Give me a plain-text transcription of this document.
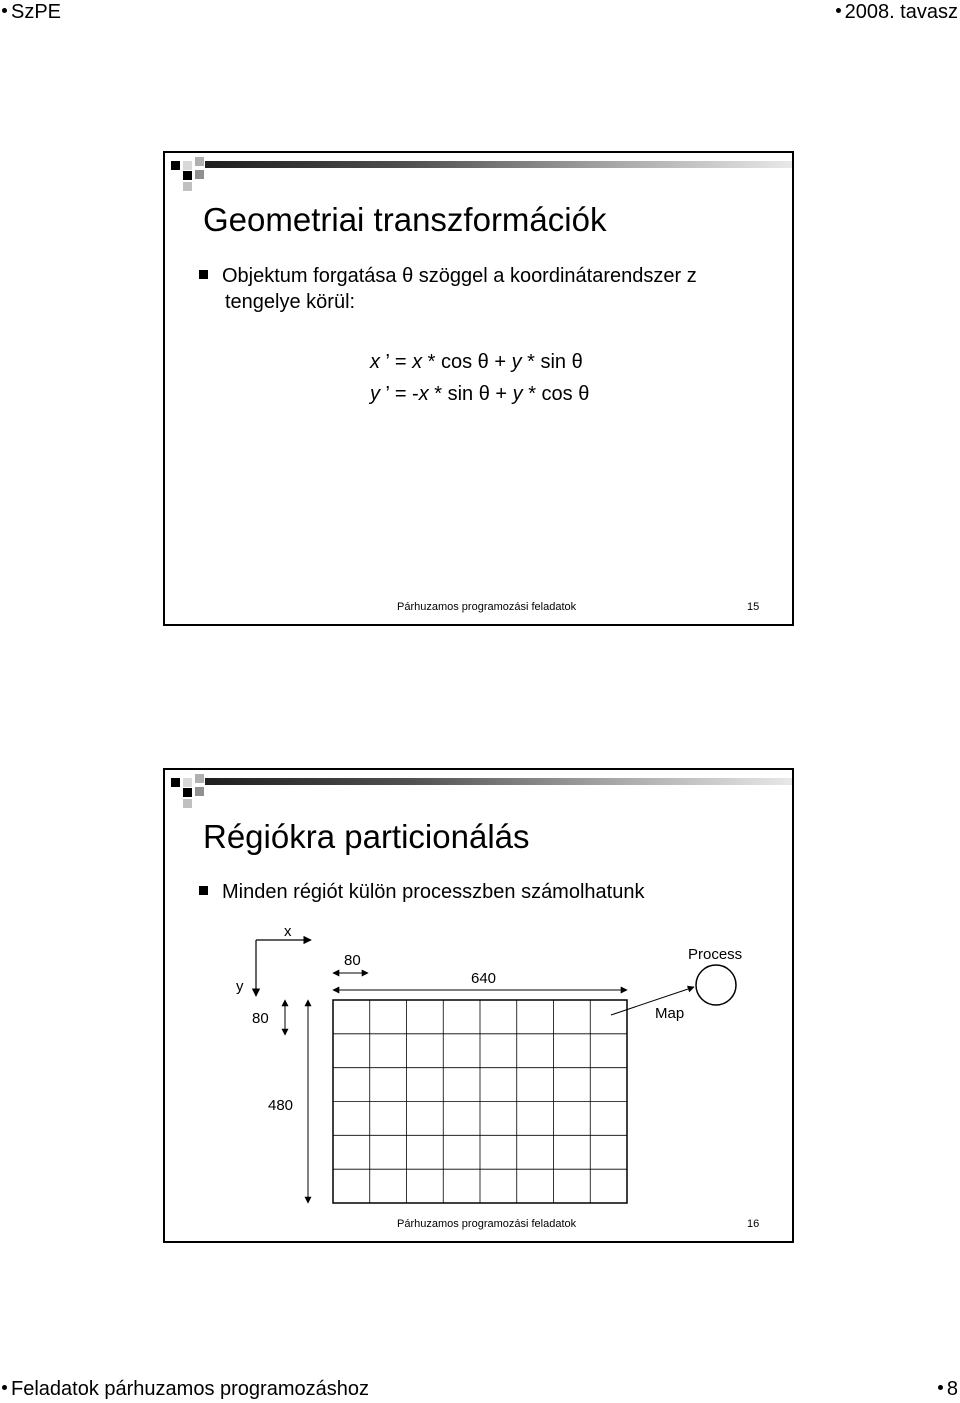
SzPE	2008. tavasz
Geometriai transzformációk
Objektum forgatása θ szöggel a koordinátarendszer z
tengelye körül:
x ’ = x * cos θ + y * sin θ
y ’ = -x * sin θ + y * cos θ
Párhuzamos programozási feladatok	15
Régiókra particionálás
Minden régiót külön processzben számolhatunk
x
y
80
640
80
480
Process
Map
Párhuzamos programozási feladatok	16
Feladatok párhuzamos programozáshoz	8
